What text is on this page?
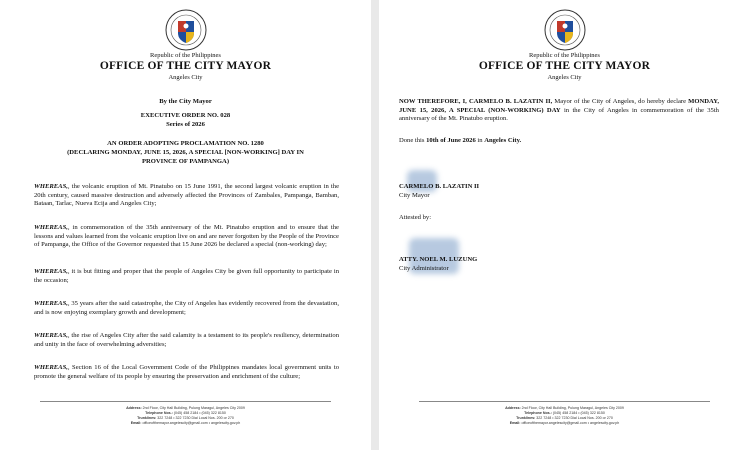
Republic of the Philippines
OFFICE OF THE CITY MAYOR
Angeles City
By the City Mayor
EXECUTIVE ORDER NO. 028
Series of 2026
AN ORDER ADOPTING PROCLAMATION NO. 1280
(DECLARING MONDAY, JUNE 15, 2026, A SPECIAL [NON-WORKING] DAY IN
PROVINCE OF PAMPANGA)

WHEREAS,, the volcanic eruption of Mt. Pinatubo on 15 June 1991, the second largest volcanic eruption in the 20th century, caused massive destruction and adversely affected the Provinces of Zambales, Pampanga, Bamban, Bataan, Tarlac, Nueva Ecija and Angeles City;

WHEREAS,, in commemoration of the 35th anniversary of the Mt. Pinatubo eruption and to ensure that the lessons and values learned from the volcanic eruption live on and are never forgotten by the People of the Province of Pampanga, the Office of the Governor requested that 15 June 2026 be declared a special (non-working) day;

WHEREAS,, it is but fitting and proper that the people of Angeles City be given full opportunity to participate in the occasion;

WHEREAS,, 35 years after the said catastrophe, the City of Angeles has evidently recovered from the devastation, and is now enjoying exemplary growth and development;

WHEREAS,, the rise of Angeles City after the said calamity is a testament to its people's resiliency, determination and unity in the face of overwhelming adversities;

WHEREAS,, Section 16 of the Local Government Code of the Philippines mandates local government units to promote the general welfare of its people by ensuring the preservation and enrichment of the culture;

Address: 2nd Floor, City Hall Building, Pulung Maragul, Angeles City 2009
Telephone Nos.: (045) 458 2184 • (045) 322 8150
Trunklines: 322 7248 • 322 7230 Dial Local Nos. 200 or 270
Email: officeofthemayor.angelescity@gmail.com • angelescity.gov.ph
Republic of the Philippines
OFFICE OF THE CITY MAYOR
Angeles City

NOW THEREFORE, I, CARMELO B. LAZATIN II, Mayor of the City of Angeles, do hereby declare MONDAY, JUNE 15, 2026, A SPECIAL (NON-WORKING) DAY in the City of Angeles in commemoration of the 35th anniversary of the Mt. Pinatubo eruption.

Done this 10th of June 2026 in Angeles City.
CARMELO B. LAZATIN II
City Mayor
Attested by:
ATTY. NOEL M. LUZUNG
City Administrator
Address: 2nd Floor, City Hall Building, Pulung Maragul, Angeles City 2009
Telephone Nos.: (045) 458 2184 • (045) 322 8150
Trunklines: 322 7248 • 322 7230 Dial Local Nos. 200 or 270
Email: officeofthemayor.angelescity@gmail.com • angelescity.gov.ph
